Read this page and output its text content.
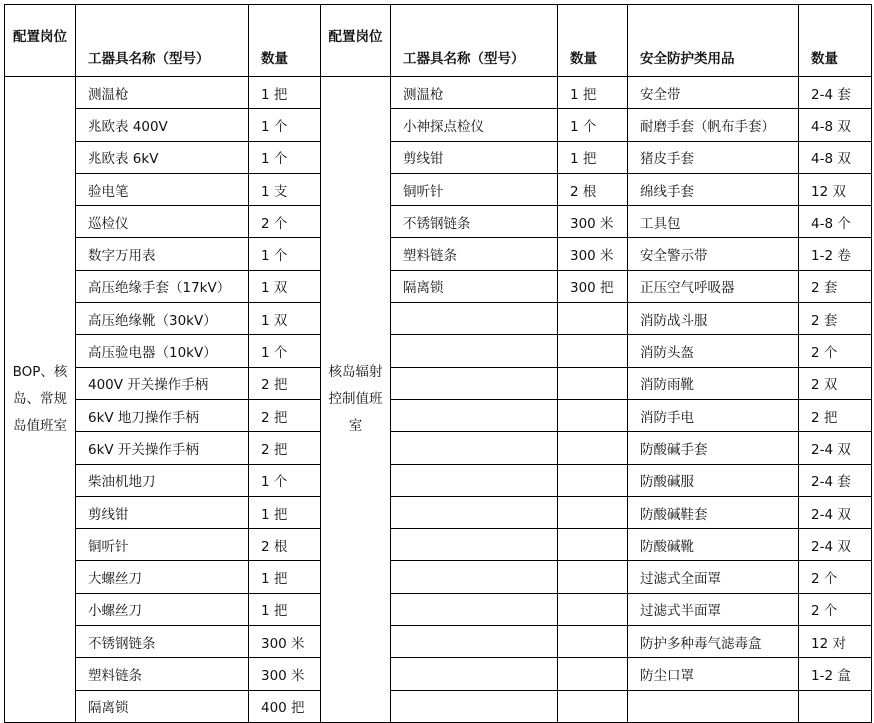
配置岗位	工器具名称（型号）	数量	配置岗位	工器具名称（型号）	数量	安全防护类用品	数量
BOP、核岛、常规岛值班室	测温枪	1 把	核岛辐射控制值班室	测温枪	1 把	安全带	2-4 套
	兆欧表 400V	1 个		小神探点检仪	1 个	耐磨手套（帆布手套）	4-8 双
	兆欧表 6kV	1 个		剪线钳	1 把	猪皮手套	4-8 双
	验电笔	1 支		铜听针	2 根	绵线手套	12 双
	巡检仪	2 个		不锈钢链条	300 米	工具包	4-8 个
	数字万用表	1 个		塑料链条	300 米	安全警示带	1-2 卷
	高压绝缘手套（17kV）	1 双		隔离锁	300 把	正压空气呼吸器	2 套
	高压绝缘靴（30kV）	1 双				消防战斗服	2 套
	高压验电器（10kV）	1 个				消防头盔	2 个
	400V 开关操作手柄	2 把				消防雨靴	2 双
	6kV 地刀操作手柄	2 把				消防手电	2 把
	6kV 开关操作手柄	2 把				防酸碱手套	2-4 双
	柴油机地刀	1 个				防酸碱服	2-4 套
	剪线钳	1 把				防酸碱鞋套	2-4 双
	铜听针	2 根				防酸碱靴	2-4 双
	大螺丝刀	1 把				过滤式全面罩	2 个
	小螺丝刀	1 把				过滤式半面罩	2 个
	不锈钢链条	300 米				防护多种毒气滤毒盒	12 对
	塑料链条	300 米				防尘口罩	1-2 盒
	隔离锁	400 把					
